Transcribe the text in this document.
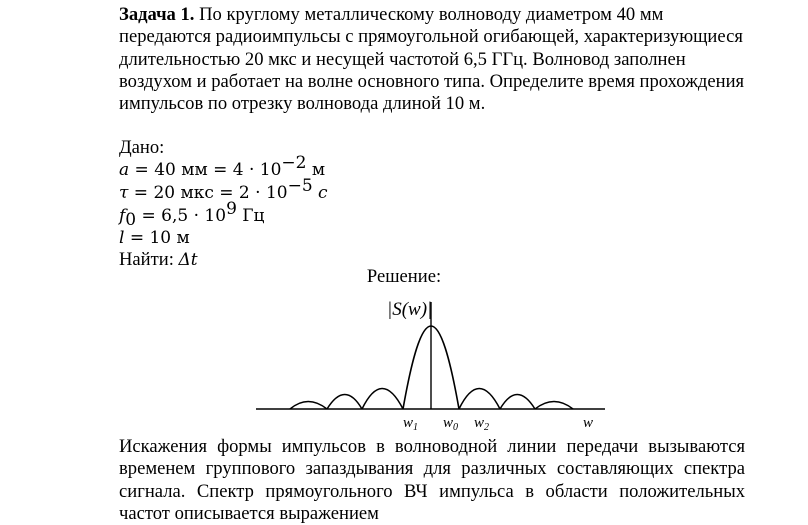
Задача 1. По круглому металлическому волноводу диаметром 40 мм передаются радиоимпульсы с прямоугольной огибающей, характеризующиеся длительностью 20 мкс и несущей частотой 6,5 ГГц. Волновод заполнен воздухом и работает на волне основного типа. Определите время прохождения импульсов по отрезку волновода длиной 10 м.
Дано:
a = 40 мм = $4 \cdot 10^{-2}$ м
τ = 20 мкс = $2 \cdot 10^{-5}$ c
$f_0 = 6,5 \cdot 10^9$ Гц
l = 10 м
Найти: Δt
Решение:
|S(w)|
$w_1$ $w_0$ $w_2$	w
Искажения формы импульсов в волноводной линии передачи вызываются временем группового запаздывания для различных составляющих спектра сигнала. Спектр прямоугольного ВЧ импульса в области положительных частот описывается выражением
